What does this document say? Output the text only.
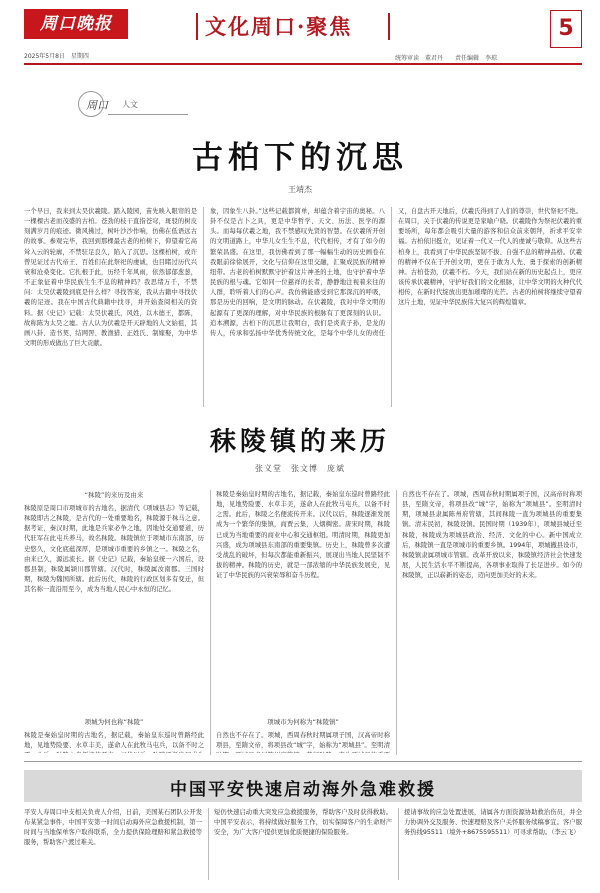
周口晚报
2025年5月8日　星期四
文化周口·聚焦
统筹审读　董君丹　　责任编辑　李琼
5
周口 人文
古柏下的沉思
王靖杰
一个早日，我来到太昊伏羲陵。踏入陵园，苗先映入眼帘的是一棵棵古老而茂盛的古柏。苍劲的枝干直指苍穹，斑驳的树皮刻满岁月的痕迹。微风拂过，树叶沙沙作响，仿佛在低语远古的故事。参观完毕，我回到那棵最古老的柏树下，仰望着它高耸入云的轮廓，不禁驻足良久，陷入了沉思。这棵柏树，或许曾见证过古代帝王、百姓们在此祭祀的虔诚，也目睹过历代兴衰和沧桑变化。它扎根于此，历经千年风雨，依然郁郁葱葱，不正象征着中华民族生生不息的精神吗？我思绪万千，不禁问：太昊伏羲陵到底是什么样？寻找答案，我从古籍中寻找伏羲的足迹。我在中国古代典籍中找寻，并开始查阅相关的资料。据《史记》记载：太昊伏羲氏，风姓，以木德王，都陈，故称陈为太昊之墟。古人认为伏羲是开天辟地的人文始祖，其画八卦、造书契、结网罟、教渔猎、正姓氏、制嫁娶，为中华文明的形成做出了巨大贡献。
象，因象生八卦。”这些记载都简单，却蕴含着宇宙的奥秘。八卦不仅是占卜之具，更是中华哲学、天文、历法、医学的源头。而每每伏羲之地，我不禁感叹先贤的智慧。在伏羲所开创的文明道路上，中华儿女生生不息，代代相传，才有了如今的繁荣昌盛。在这里，我仿佛看到了那一幅幅生动的历史画卷在我眼前徐徐展开，文化与信仰在这里交融，汇聚成民族的精神纽带。古老的柏树默默守护着这片神圣的土地，也守护着中华民族的根与魂。它如同一位慈祥的长者，静静地注视着来往的人群，聆听着人们的心声。我仿佛能感受到它那深沉的呼吸，那是历史的回响，是文明的脉动。在伏羲陵，我对中华文明的起源有了更深的理解，对中华民族的根脉有了更深刻的认识。追本溯源，古柏下的沉思让我明白，我们是炎黄子孙，是龙的传人，传承和弘扬中华优秀传统文化，是每个中华儿女的责任
又，自盘古开天地后，伏羲氏得到了人们的尊崇，世代祭祀不绝。在周口，关于伏羲的传说更是家喻户晓。伏羲陵作为祭祀伏羲的重要场所，每年都会吸引大量的游客和信众前来朝拜，祈求平安幸福。古柏依旧挺立，见证着一代又一代人的虔诚与敬仰。从这些古柏身上，我看到了中华民族坚韧不拔、自强不息的精神品格。伏羲的精神不仅在于开创文明，更在于敢为人先、勇于探索的创新精神。古柏苍劲，伏羲不朽。今天，我们站在新的历史起点上，更应该传承伏羲精神，守护好我们的文化根脉，让中华文明的火种代代相传，在新时代绽放出更加璀璨的光芒。古老的柏树将继续守望着这片土地，见证中华民族伟大复兴的辉煌篇章。
秣陵镇的来历
张义堂　张文博　庞斌
“秣陵”的来历及由来
秣陵原是周口市项城市的古地名，据清代《项城县志》等记载，秣陵即古之秣陵，是古代的一处重要地名，秣陵源于秣马之意。据考证，秦汉时期，此地是兵家必争之地，因地处交通要道，历代驻军在此屯兵养马，故名秣陵。秣陵镇位于项城市东南部，历史悠久，文化底蕴深厚，是项城市重要的乡镇之一。秣陵之名，由来已久，源远流长。据《史记》记载，秦始皇统一六国后，设郡县制，秣陵属颍川郡管辖。汉代时，秣陵属汝南郡。三国时期，秣陵为魏国所辖。此后历代，秣陵的行政区划多有变迁，但其名称一直沿用至今，成为当地人民心中永恒的记忆。
项城为何也称“秣陵”
秣陵是秦始皇时期的古地名，据记载，秦始皇东巡时曾路经此地，见地势险要、水草丰美，遂命人在此牧马屯兵，以备不时之
秣陵是秦始皇时期的古地名，据记载，秦始皇东巡时曾路经此地，见地势险要、水草丰美，遂命人在此牧马屯兵，以备不时之需。此后，秣陵之名便流传开来。汉代以后，秣陵逐渐发展成为一个繁华的集镇，商贾云集，人烟稠密。唐宋时期，秣陵已成为当地重要的商业中心和交通枢纽。明清时期，秣陵更加兴盛，成为项城县东南部的重要集镇。历史上，秣陵曾多次遭受战乱的破坏，但每次都能重新振兴，展现出当地人民坚韧不拔的精神。秣陵的历史，就是一部浓缩的中华民族发展史，见证了中华民族的兴衰荣辱和奋斗历程。
项城市为何称为“秣陵镇”
自然也不存在了。项城，西周春秋时期属项子国，汉高帝时称项县，至隋文帝，将项县改“城”字，始称为“项城县”。至明清
自然也不存在了。项城，西周春秋时期属项子国，汉高帝时称项县，至隋文帝，将项县改“城”字，始称为“项城县”。至明清时期，项城县隶属陈州府管辖，其间秣陵一直为项城县的重要集镇。清末民初，秣陵设镇。民国时期（1939年），项城县城迁至秣陵，秣陵成为项城县政治、经济、文化的中心。新中国成立后，秣陵镇一直是项城市的重要乡镇。1994年，项城撤县设市，秣陵镇隶属项城市管辖。改革开放以来，秣陵镇经济社会快速发展，人民生活水平不断提高，各项事业取得了长足进步。如今的秣陵镇，正以崭新的姿态，迈向更加美好的未来。
中国平安快速启动海外急难救援
平安人寿周口中支相关负责人介绍，日前，美国某石团队公开发布某紧急事件，中国平安第一时间启动海外应急救援机制，第一时间与当地保单客户取得联系，全力提供保险理赔和紧急救援等服务，帮助客户渡过难关。
短仍快速启动重大突发应急救援服务，帮助客户及时获得救助。中国平安表示，将持续做好服务工作，切实保障客户的生命财产安全，为广大客户提供更加优质便捷的保险服务。
援请事故的应急处置进展，请属各方面资源协助救治伤员，并全力协调外交及服务、快速理赔及客户关怀服务续稿事宜。客户服务热线95511（境外+8675595511）可寻求帮助。（李云飞）
